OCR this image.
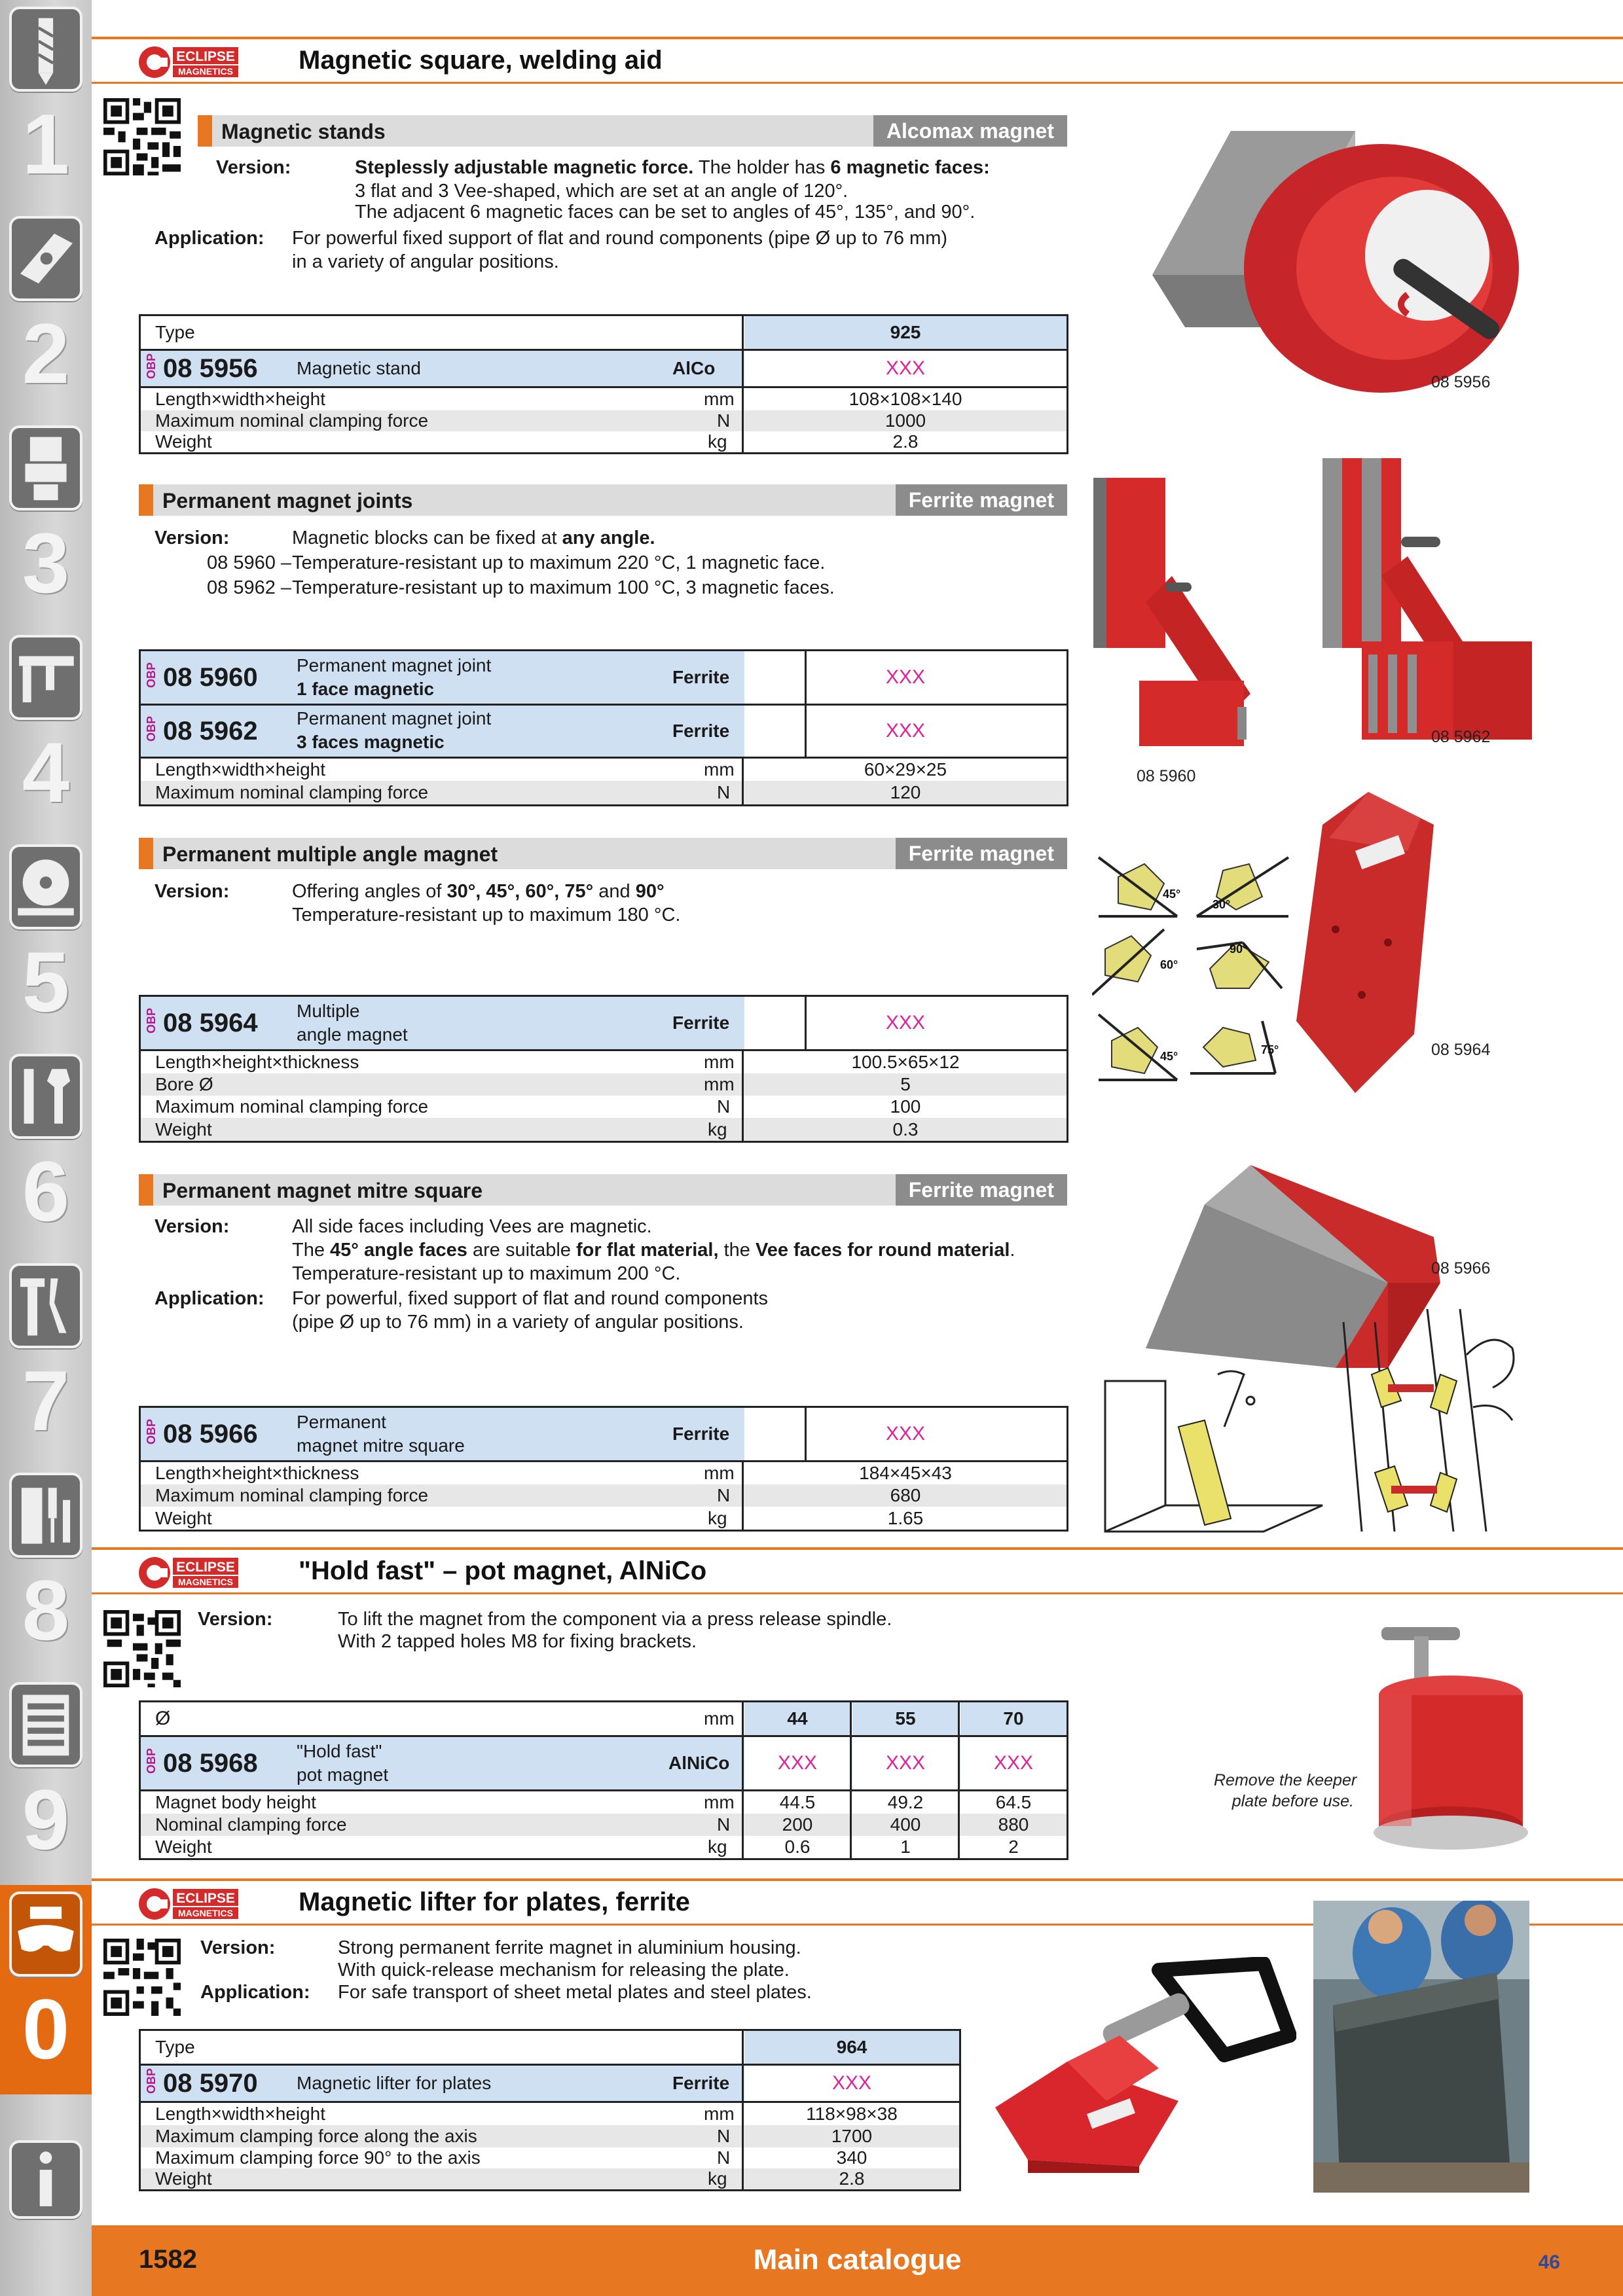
1
2
3
4
5
6
7
8
9
0
ECLIPSE
MAGNETICS	Magnetic square, welding aid
Magnetic stands	Alcomax magnet
Version:	Steplessly adjustable magnetic force. The holder has 6 magnetic faces:
3 flat and 3 Vee-shaped, which are set at an angle of 120°.
The adjacent 6 magnetic faces can be set to angles of 45°, 135°, and 90°.
Application: For powerful fixed support of flat and round components (pipe Ø up to 76 mm)
in a variety of angular positions.
Type	925
OBP 08 5956 Magnetic stand	AlCo	XXX
Length×width×height	mm	108×108×140
Maximum nominal clamping force	N	1000
Weight	kg	2.8
08 5956
Permanent magnet joints	Ferrite magnet
Version:	Magnetic blocks can be fixed at any angle.
08 5960 – Temperature-resistant up to maximum 220 °C, 1 magnetic face.
08 5962 – Temperature-resistant up to maximum 100 °C, 3 magnetic faces.
OBP 08 5960 Permanent magnet joint
1 face magnetic
Ferrite	XXX
OBP 08 5962 Permanent magnet joint
3 faces magnetic
Ferrite	XXX
Length×width×height	mm	60×29×25
Maximum nominal clamping force	N	120
08 5960
08 5962
Permanent multiple angle magnet	Ferrite magnet
Version:	Offering angles of 30°, 45°, 60°, 75° and 90°
Temperature-resistant up to maximum 180 °C.
OBP 08 5964 Multiple
angle magnet
Ferrite	XXX
Length×height×thickness	mm	100.5×65×12
Bore Ø	mm	5
Maximum nominal clamping force	N	100
Weight	kg	0.3
45°
30°
60°
90°
45°	75°	08 5964
Permanent magnet mitre square	Ferrite magnet
Version:	All side faces including Vees are magnetic.
The 45° angle faces are suitable for flat material, the Vee faces for round material.
Temperature-resistant up to maximum 200 °C.
Application: For powerful, fixed support of flat and round components
(pipe Ø up to 76 mm) in a variety of angular positions.
OBP 08 5966 Permanent
magnet mitre square
Ferrite	XXX
Length×height×thickness	mm	184×45×43
Maximum nominal clamping force	N	680
Weight	kg	1.65
08 5966
ECLIPSE
MAGNETICS	"Hold fast" – pot magnet, AlNiCo
Version:	To lift the magnet from the component via a press release spindle.
With 2 tapped holes M8 for fixing brackets.
Ø	mm	44	55	70
OBP 08 5968 "Hold fast"
pot magnet
AlNiCo	XXX	XXX	XXX
Magnet body height	mm	44.5	49.2	64.5
Nominal clamping force	N	200	400	880
Weight	kg	0.6	1	2
Remove the keeper
plate before use.
ECLIPSE
MAGNETICS	Magnetic lifter for plates, ferrite
Version:	Strong permanent ferrite magnet in aluminium housing.
With quick-release mechanism for releasing the plate.
Application: For safe transport of sheet metal plates and steel plates.
Type	964
OBP 08 5970 Magnetic lifter for plates	Ferrite	XXX
Length×width×height	mm	118×98×38
Maximum clamping force along the axis	N	1700
Maximum clamping force 90° to the axis	N	340
Weight	kg	2.8
1582	Main catalogue	46
